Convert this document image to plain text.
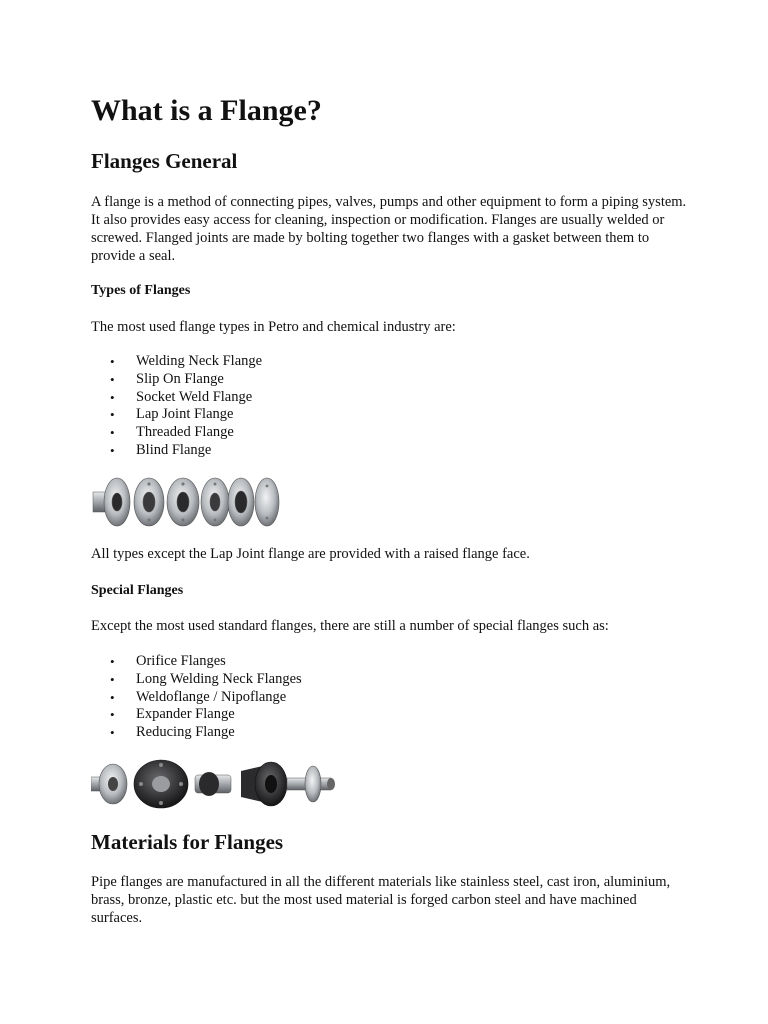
What is a Flange?
Flanges General

A flange is a method of connecting pipes, valves, pumps and other equipment to form a piping system. It also provides easy access for cleaning, inspection or modification. Flanges are usually welded or screwed. Flanged joints are made by bolting together two flanges with a gasket between them to provide a seal.

Types of Flanges

The most used flange types in Petro and chemical industry are:

• Welding Neck Flange
• Slip On Flange
• Socket Weld Flange
• Lap Joint Flange
• Threaded Flange
• Blind Flange

All types except the Lap Joint flange are provided with a raised flange face.

Special Flanges

Except the most used standard flanges, there are still a number of special flanges such as:

• Orifice Flanges
• Long Welding Neck Flanges
• Weldoflange / Nipoflange
• Expander Flange
• Reducing Flange
Materials for Flanges

Pipe flanges are manufactured in all the different materials like stainless steel, cast iron, aluminium, brass, bronze, plastic etc. but the most used material is forged carbon steel and have machined surfaces.
